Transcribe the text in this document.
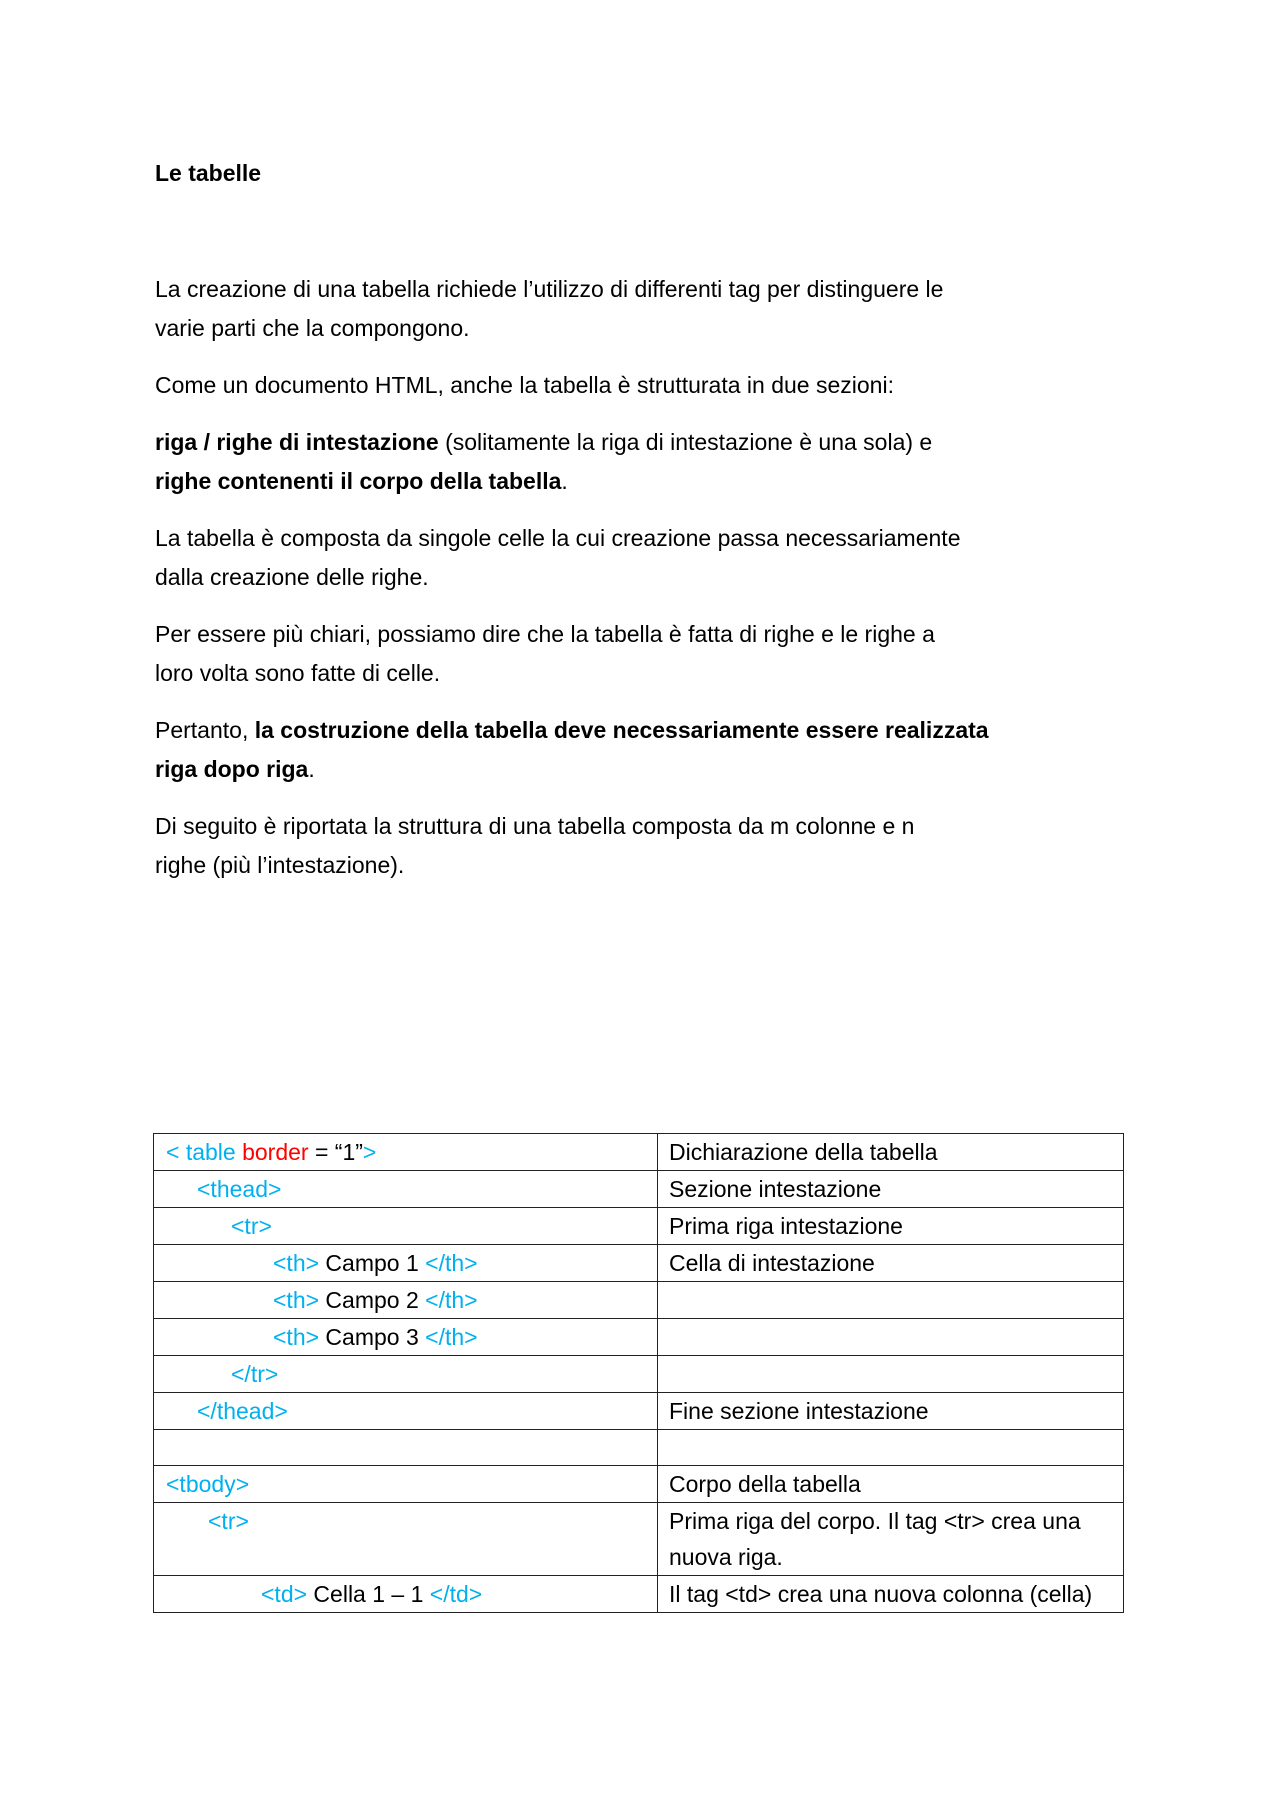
Le tabelle
La creazione di una tabella richiede l’utilizzo di differenti tag per distinguere le
varie parti che la compongono.
Come un documento HTML, anche la tabella è strutturata in due sezioni:
riga / righe di intestazione (solitamente la riga di intestazione è una sola) e
righe contenenti il corpo della tabella.
La tabella è composta da singole celle la cui creazione passa necessariamente
dalla creazione delle righe.
Per essere più chiari, possiamo dire che la tabella è fatta di righe e le righe a
loro volta sono fatte di celle.
Pertanto, la costruzione della tabella deve necessariamente essere realizzata
riga dopo riga.
Di seguito è riportata la struttura di una tabella composta da m colonne e n
righe (più l’intestazione).
< table border = “1”>	Dichiarazione della tabella
<thead>	Sezione intestazione
<tr>	Prima riga intestazione
<th> Campo 1 </th>	Cella di intestazione
<th> Campo 2 </th>	
<th> Campo 3 </th>	
</tr>	
</thead>	Fine sezione intestazione

<tbody>	Corpo della tabella
<tr>	Prima riga del corpo. Il tag <tr> crea una
nuova riga.
<td> Cella 1 – 1 </td>	Il tag <td> crea una nuova colonna (cella)
